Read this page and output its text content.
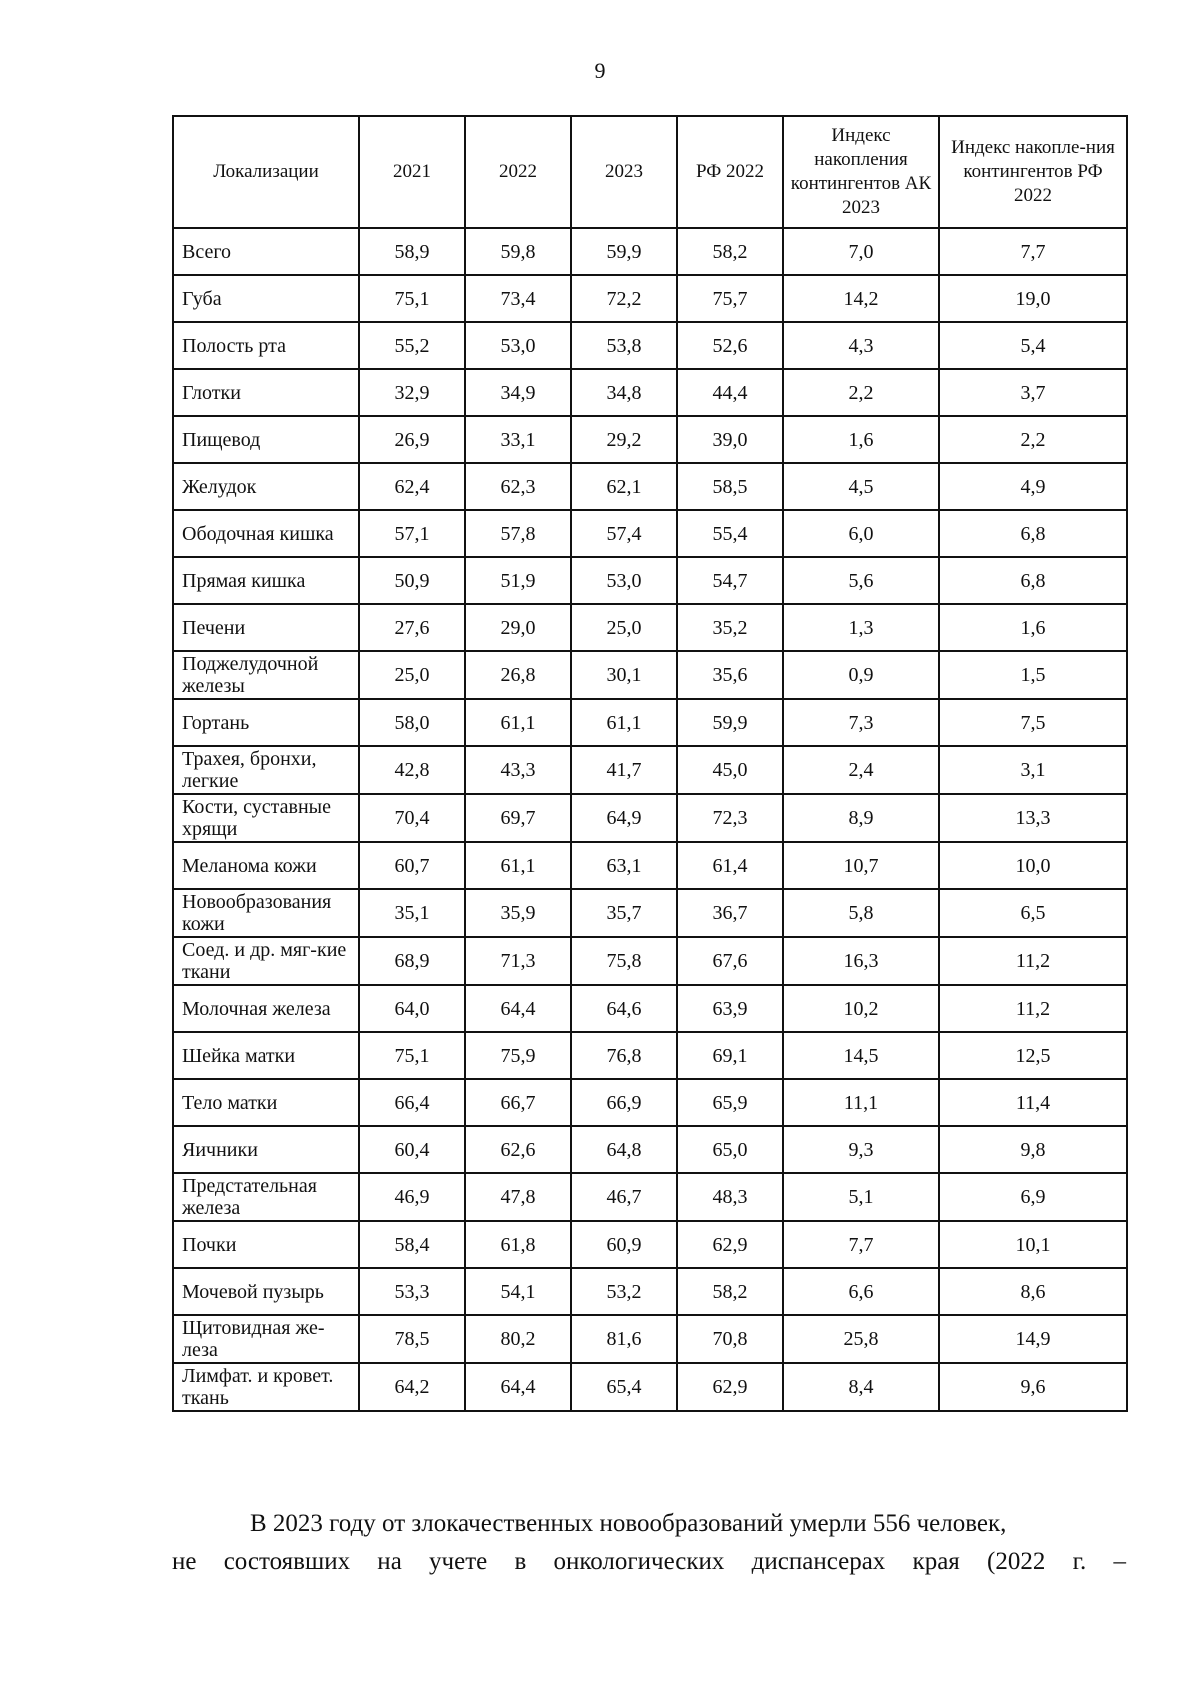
9
Локализации	2021	2022	2023	РФ 2022	Индекс накопления контингентов АК 2023	Индекс накопле-ния контингентов РФ 2022
Всего	58,9	59,8	59,9	58,2	7,0	7,7
Губа	75,1	73,4	72,2	75,7	14,2	19,0
Полость рта	55,2	53,0	53,8	52,6	4,3	5,4
Глотки	32,9	34,9	34,8	44,4	2,2	3,7
Пищевод	26,9	33,1	29,2	39,0	1,6	2,2
Желудок	62,4	62,3	62,1	58,5	4,5	4,9
Ободочная кишка	57,1	57,8	57,4	55,4	6,0	6,8
Прямая кишка	50,9	51,9	53,0	54,7	5,6	6,8
Печени	27,6	29,0	25,0	35,2	1,3	1,6
Поджелудочной железы	25,0	26,8	30,1	35,6	0,9	1,5
Гортань	58,0	61,1	61,1	59,9	7,3	7,5
Трахея, бронхи, легкие	42,8	43,3	41,7	45,0	2,4	3,1
Кости, суставные хрящи	70,4	69,7	64,9	72,3	8,9	13,3
Меланома кожи	60,7	61,1	63,1	61,4	10,7	10,0
Новообразования кожи	35,1	35,9	35,7	36,7	5,8	6,5
Соед. и др. мяг-кие ткани	68,9	71,3	75,8	67,6	16,3	11,2
Молочная железа	64,0	64,4	64,6	63,9	10,2	11,2
Шейка матки	75,1	75,9	76,8	69,1	14,5	12,5
Тело матки	66,4	66,7	66,9	65,9	11,1	11,4
Яичники	60,4	62,6	64,8	65,0	9,3	9,8
Предстательная железа	46,9	47,8	46,7	48,3	5,1	6,9
Почки	58,4	61,8	60,9	62,9	7,7	10,1
Мочевой пузырь	53,3	54,1	53,2	58,2	6,6	8,6
Щитовидная же-леза	78,5	80,2	81,6	70,8	25,8	14,9
Лимфат. и кровет. ткань	64,2	64,4	65,4	62,9	8,4	9,6
В 2023 году от злокачественных новообразований умерли 556 человек,
не состоявших на учете в онкологических диспансерах края (2022 г. –
